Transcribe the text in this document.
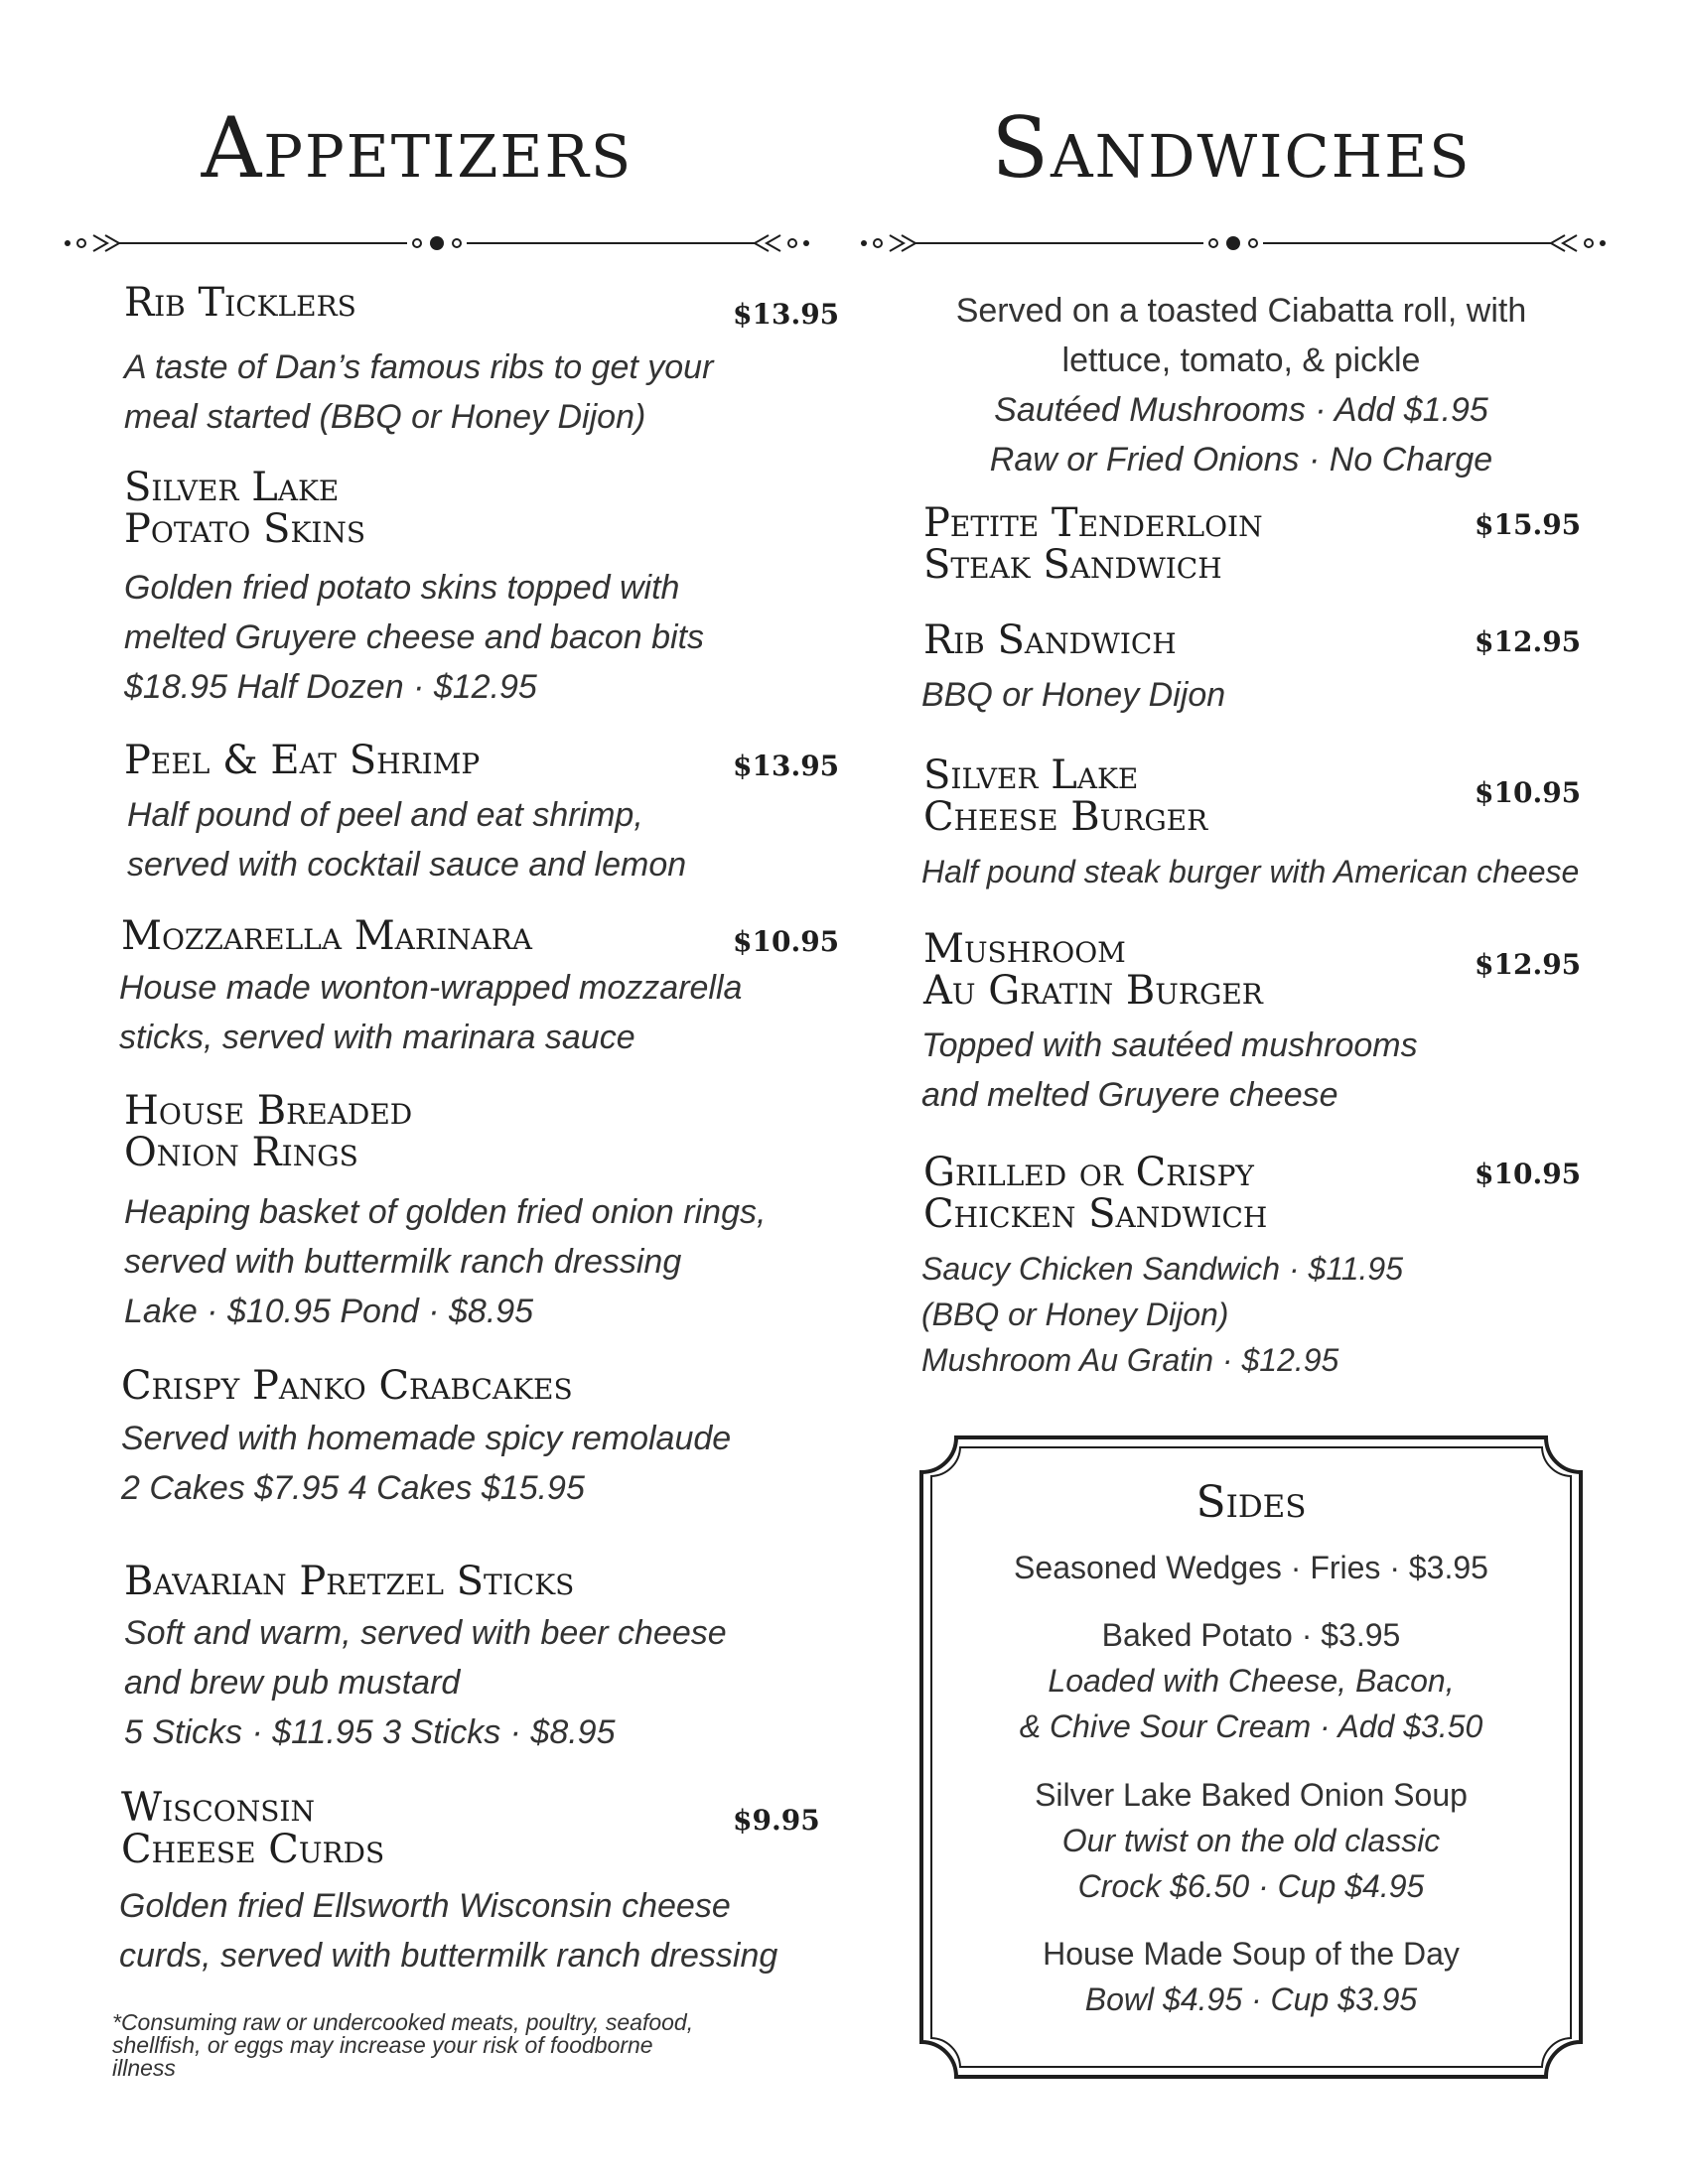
Appetizers	Sandwiches
Rib Ticklers	$13.95
A taste of Dan’s famous ribs to get your
meal started (BBQ or Honey Dijon)
Silver Lake
Potato Skins
Golden fried potato skins topped with
melted Gruyere cheese and bacon bits
$18.95 Half Dozen · $12.95
Peel & Eat Shrimp	$13.95
Half pound of peel and eat shrimp,
served with cocktail sauce and lemon
Mozzarella Marinara	$10.95
House made wonton-wrapped mozzarella
sticks, served with marinara sauce
House Breaded
Onion Rings
Heaping basket of golden fried onion rings,
served with buttermilk ranch dressing
Lake · $10.95 Pond · $8.95
Crispy Panko Crabcakes
Served with homemade spicy remolaude
2 Cakes $7.95 4 Cakes $15.95
Bavarian Pretzel Sticks
Soft and warm, served with beer cheese
and brew pub mustard
5 Sticks · $11.95 3 Sticks · $8.95
Wisconsin
Cheese Curds
$9.95
Golden fried Ellsworth Wisconsin cheese
curds, served with buttermilk ranch dressing
*Consuming raw or undercooked meats, poultry, seafood,
shellfish, or eggs may increase your risk of foodborne
illness
Served on a toasted Ciabatta roll, with
lettuce, tomato, & pickle
Sautéed Mushrooms · Add $1.95
Raw or Fried Onions · No Charge
Petite Tenderloin
Steak Sandwich
$15.95
Rib Sandwich	$12.95
BBQ or Honey Dijon
Silver Lake
Cheese Burger
$10.95
Half pound steak burger with American cheese
Mushroom
Au Gratin Burger
$12.95
Topped with sautéed mushrooms
and melted Gruyere cheese
Grilled or Crispy
Chicken Sandwich
$10.95
Saucy Chicken Sandwich · $11.95
(BBQ or Honey Dijon)
Mushroom Au Gratin · $12.95
Sides
Seasoned Wedges · Fries · $3.95
Baked Potato · $3.95
Loaded with Cheese, Bacon,
& Chive Sour Cream · Add $3.50
Silver Lake Baked Onion Soup
Our twist on the old classic
Crock $6.50 · Cup $4.95
House Made Soup of the Day
Bowl $4.95 · Cup $3.95
